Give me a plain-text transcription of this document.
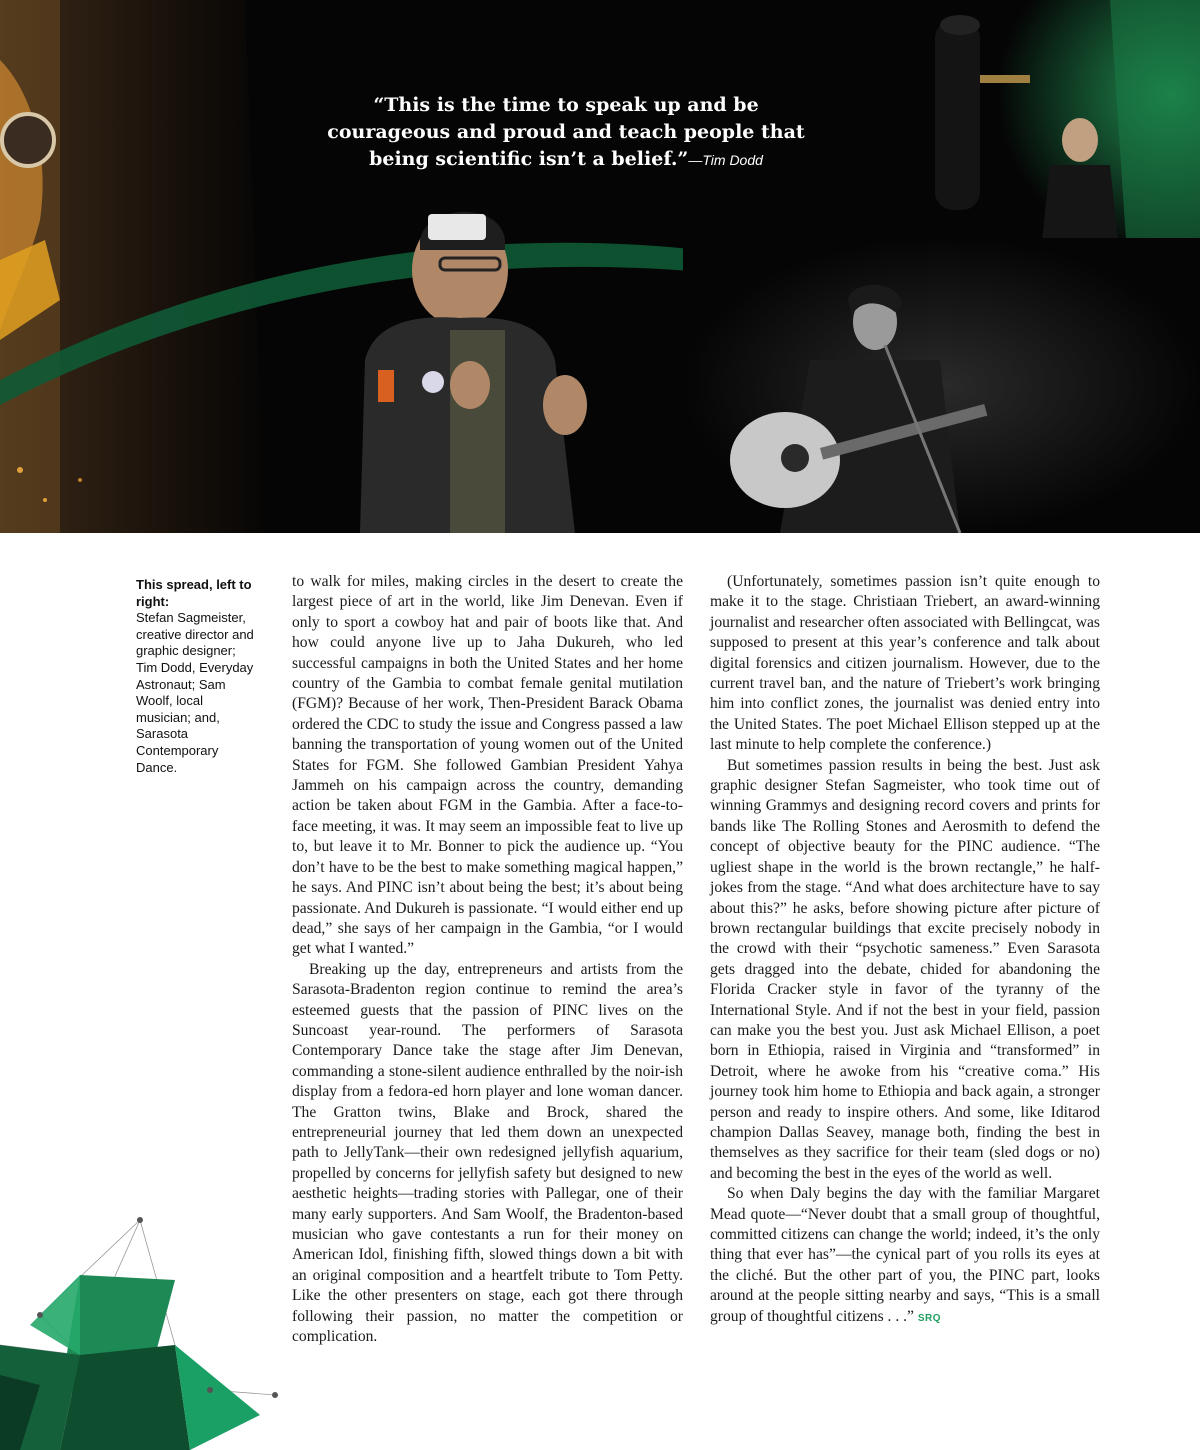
“This is the time to speak up and be courageous and proud and teach people that being scientific isn’t a belief.”—Tim Dodd
This spread, left to right:
Stefan Sagmeister, creative director and graphic designer; Tim Dodd, Everyday Astronaut; Sam Woolf, local musician; and, Sarasota Contemporary Dance.

to walk for miles, making circles in the desert to create the largest piece of art in the world, like Jim Denevan. Even if only to sport a cowboy hat and pair of boots like that. And how could anyone live up to Jaha Dukureh, who led successful campaigns in both the United States and her home country of the Gambia to combat female genital mutilation (FGM)? Because of her work, Then-President Barack Obama ordered the CDC to study the issue and Congress passed a law banning the transportation of young women out of the United States for FGM. She followed Gambian President Yahya Jammeh on his campaign across the country, demanding action be taken about FGM in the Gambia. After a face-to-face meeting, it was. It may seem an impossible feat to live up to, but leave it to Mr. Bonner to pick the audience up. “You don’t have to be the best to make something magical happen,” he says. And PINC isn’t about being the best; it’s about being passionate. And Dukureh is passionate. “I would either end up dead,” she says of her campaign in the Gambia, “or I would get what I wanted.”

Breaking up the day, entrepreneurs and artists from the Sarasota-Bradenton region continue to remind the area’s esteemed guests that the passion of PINC lives on the Suncoast year-round. The performers of Sarasota Contemporary Dance take the stage after Jim Denevan, commanding a stone-silent audience enthralled by the noir-ish display from a fedora-ed horn player and lone woman dancer. The Gratton twins, Blake and Brock, shared the entrepreneurial journey that led them down an unexpected path to JellyTank—their own redesigned jellyfish aquarium, propelled by concerns for jellyfish safety but designed to new aesthetic heights—trading stories with Pallegar, one of their many early supporters. And Sam Woolf, the Bradenton-based musician who gave contestants a run for their money on American Idol, finishing fifth, slowed things down a bit with an original composition and a heartfelt tribute to Tom Petty. Like the other presenters on stage, each got there through following their passion, no matter the competition or complication.

(Unfortunately, sometimes passion isn’t quite enough to make it to the stage. Christiaan Triebert, an award-winning journalist and researcher often associated with Bellingcat, was supposed to present at this year’s conference and talk about digital forensics and citizen journalism. However, due to the current travel ban, and the nature of Triebert’s work bringing him into conflict zones, the journalist was denied entry into the United States. The poet Michael Ellison stepped up at the last minute to help complete the conference.)

But sometimes passion results in being the best. Just ask graphic designer Stefan Sagmeister, who took time out of winning Grammys and designing record covers and prints for bands like The Rolling Stones and Aerosmith to defend the concept of objective beauty for the PINC audience. “The ugliest shape in the world is the brown rectangle,” he half-jokes from the stage. “And what does architecture have to say about this?” he asks, before showing picture after picture of brown rectangular buildings that excite precisely nobody in the crowd with their “psychotic sameness.” Even Sarasota gets dragged into the debate, chided for abandoning the Florida Cracker style in favor of the tyranny of the International Style. And if not the best in your field, passion can make you the best you. Just ask Michael Ellison, a poet born in Ethiopia, raised in Virginia and “transformed” in Detroit, where he awoke from his “creative coma.” His journey took him home to Ethiopia and back again, a stronger person and ready to inspire others. And some, like Iditarod champion Dallas Seavey, manage both, finding the best in themselves as they sacrifice for their team (sled dogs or no) and becoming the best in the eyes of the world as well.

So when Daly begins the day with the familiar Margaret Mead quote—“Never doubt that a small group of thoughtful, committed citizens can change the world; indeed, it’s the only thing that ever has”—the cynical part of you rolls its eyes at the cliché. But the other part of you, the PINC part, looks around at the people sitting nearby and says, “This is a small group of thoughtful citizens . . .” SRQ
